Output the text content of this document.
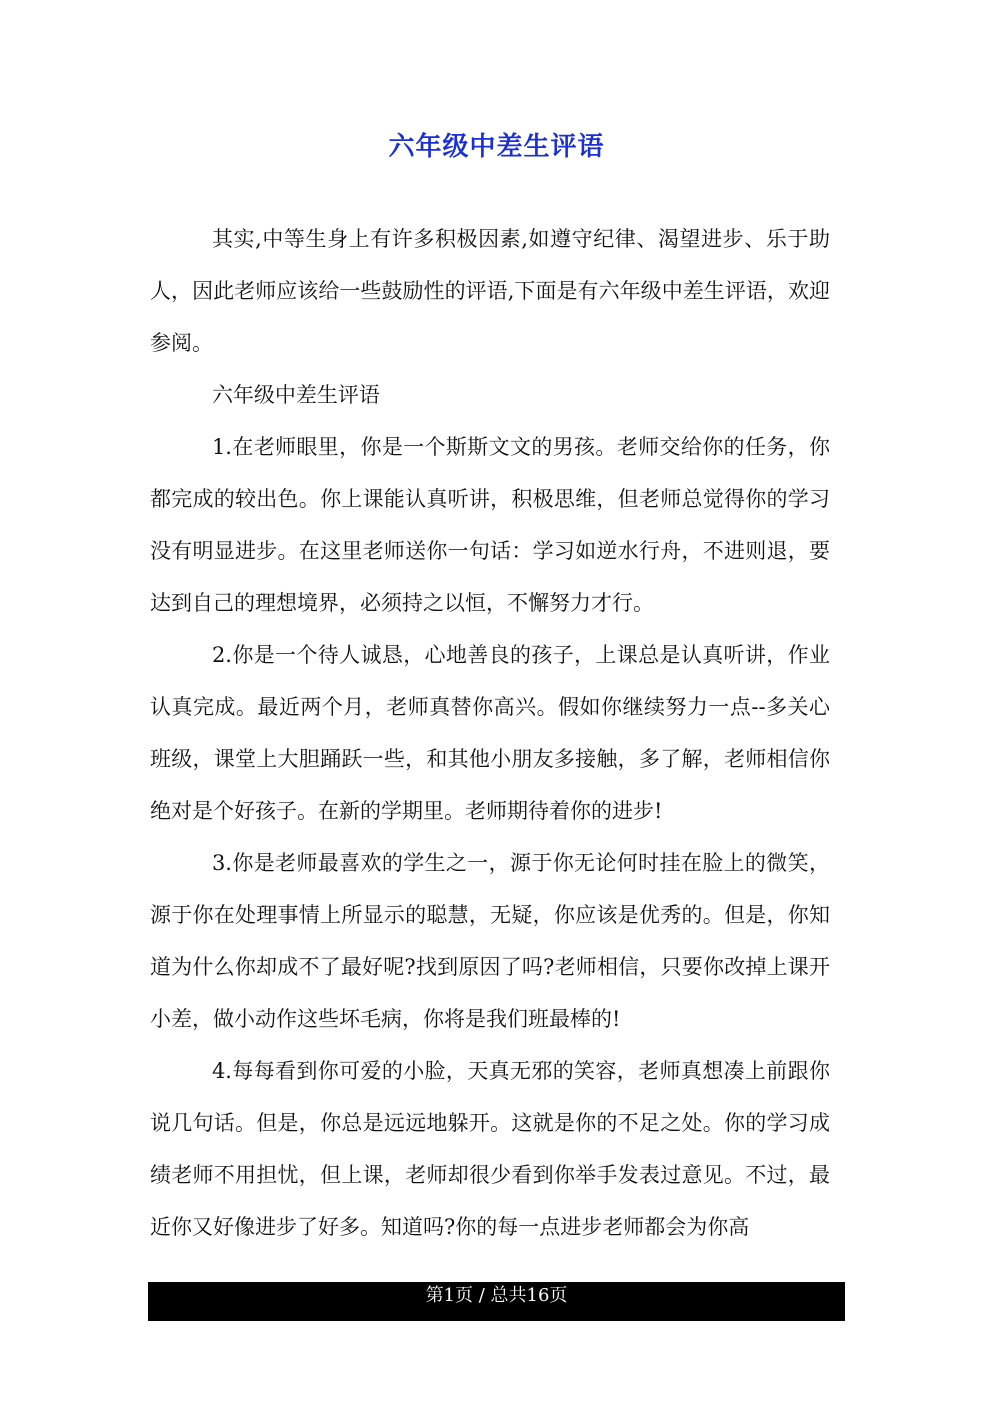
六年级中差生评语

其实,中等生身上有许多积极因素,如遵守纪律、渴望进步、乐于助人，因此老师应该给一些鼓励性的评语,下面是有六年级中差生评语，欢迎参阅。

六年级中差生评语

1.在老师眼里，你是一个斯斯文文的男孩。老师交给你的任务，你都完成的较出色。你上课能认真听讲，积极思维，但老师总觉得你的学习没有明显进步。在这里老师送你一句话：学习如逆水行舟，不进则退，要达到自己的理想境界，必须持之以恒，不懈努力才行。

2.你是一个待人诚恳，心地善良的孩子，上课总是认真听讲，作业认真完成。最近两个月，老师真替你高兴。假如你继续努力一点--多关心班级，课堂上大胆踊跃一些，和其他小朋友多接触，多了解，老师相信你绝对是个好孩子。在新的学期里。老师期待着你的进步!

3.你是老师最喜欢的学生之一，源于你无论何时挂在脸上的微笑，源于你在处理事情上所显示的聪慧，无疑，你应该是优秀的。但是，你知道为什么你却成不了最好呢?找到原因了吗?老师相信，只要你改掉上课开小差，做小动作这些坏毛病，你将是我们班最棒的!

4.每每看到你可爱的小脸，天真无邪的笑容，老师真想凑上前跟你说几句话。但是，你总是远远地躲开。这就是你的不足之处。你的学习成绩老师不用担忧，但上课，老师却很少看到你举手发表过意见。不过，最近你又好像进步了好多。知道吗?你的每一点进步老师都会为你高

第1页 / 总共16页
